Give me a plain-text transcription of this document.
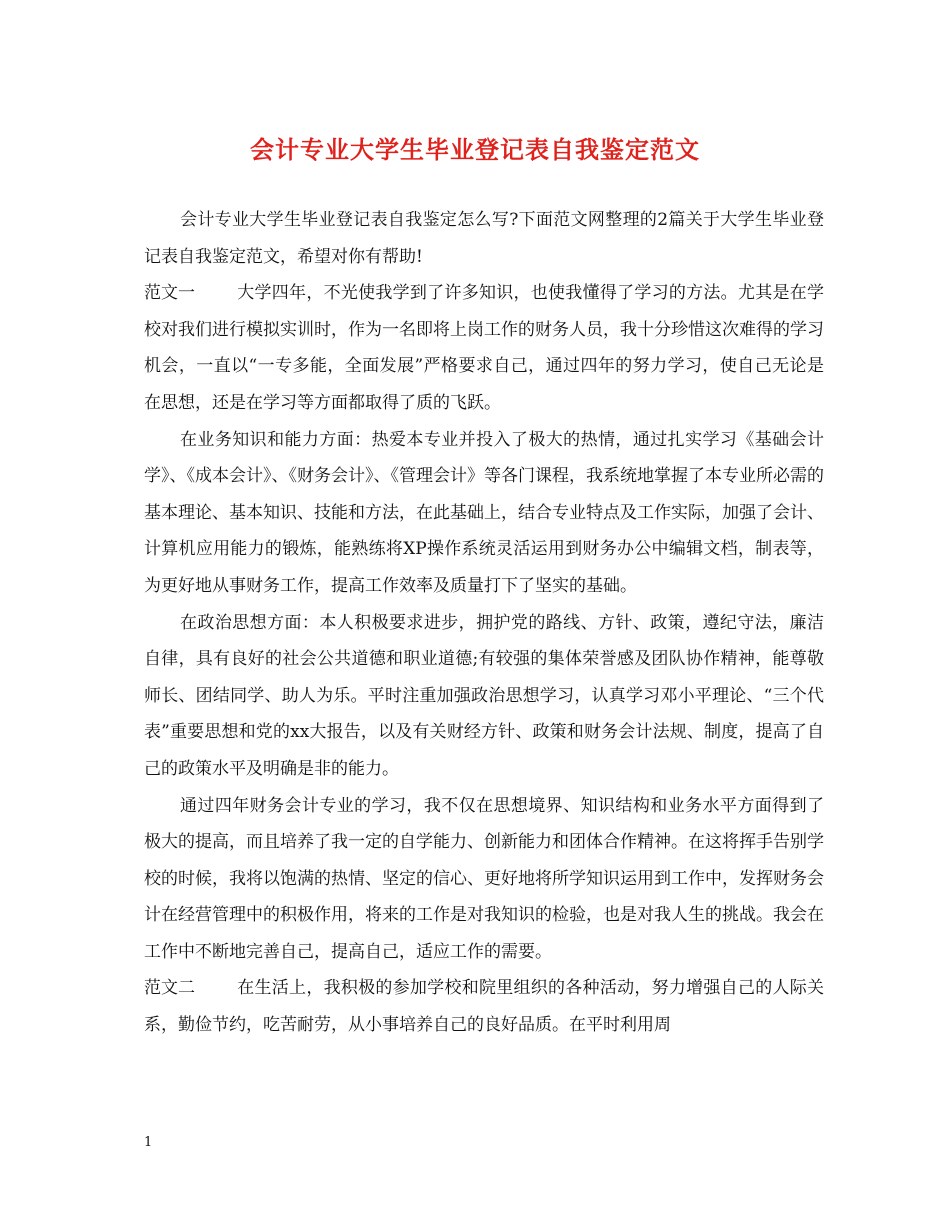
会计专业大学生毕业登记表自我鉴定范文

会计专业大学生毕业登记表自我鉴定怎么写?下面范文网整理的2篇关于大学生毕业登记表自我鉴定范文，希望对你有帮助!

范文一 大学四年，不光使我学到了许多知识，也使我懂得了学习的方法。尤其是在学校对我们进行模拟实训时，作为一名即将上岗工作的财务人员，我十分珍惜这次难得的学习机会，一直以“一专多能，全面发展”严格要求自己，通过四年的努力学习，使自己无论是在思想，还是在学习等方面都取得了质的飞跃。

在业务知识和能力方面：热爱本专业并投入了极大的热情，通过扎实学习《基础会计学》、《成本会计》、《财务会计》、《管理会计》等各门课程，我系统地掌握了本专业所必需的基本理论、基本知识、技能和方法，在此基础上，结合专业特点及工作实际，加强了会计、计算机应用能力的锻炼，能熟练将XP操作系统灵活运用到财务办公中编辑文档，制表等，为更好地从事财务工作，提高工作效率及质量打下了坚实的基础。

在政治思想方面：本人积极要求进步，拥护党的路线、方针、政策，遵纪守法，廉洁自律，具有良好的社会公共道德和职业道德;有较强的集体荣誉感及团队协作精神，能尊敬师长、团结同学、助人为乐。平时注重加强政治思想学习，认真学习邓小平理论、“三个代表”重要思想和党的xx大报告，以及有关财经方针、政策和财务会计法规、制度，提高了自己的政策水平及明确是非的能力。

通过四年财务会计专业的学习，我不仅在思想境界、知识结构和业务水平方面得到了极大的提高，而且培养了我一定的自学能力、创新能力和团体合作精神。在这将挥手告别学校的时候，我将以饱满的热情、坚定的信心、更好地将所学知识运用到工作中，发挥财务会计在经营管理中的积极作用，将来的工作是对我知识的检验，也是对我人生的挑战。我会在工作中不断地完善自己，提高自己，适应工作的需要。

范文二 在生活上，我积极的参加学校和院里组织的各种活动，努力增强自己的人际关系，勤俭节约，吃苦耐劳，从小事培养自己的良好品质。在平时利用周

1
